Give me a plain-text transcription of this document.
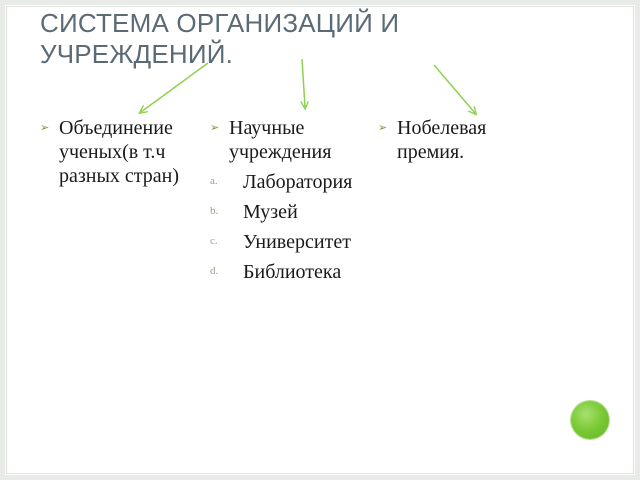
СИСТЕМА ОРГАНИЗАЦИЙ И
УЧРЕЖДЕНИЙ.
➢ Объединение
ученых(в т.ч
разных стран)
➢ Научные
учреждения
a. Лаборатория
b. Музей
c. Университет
d. Библиотека
➢ Нобелевая
премия.
